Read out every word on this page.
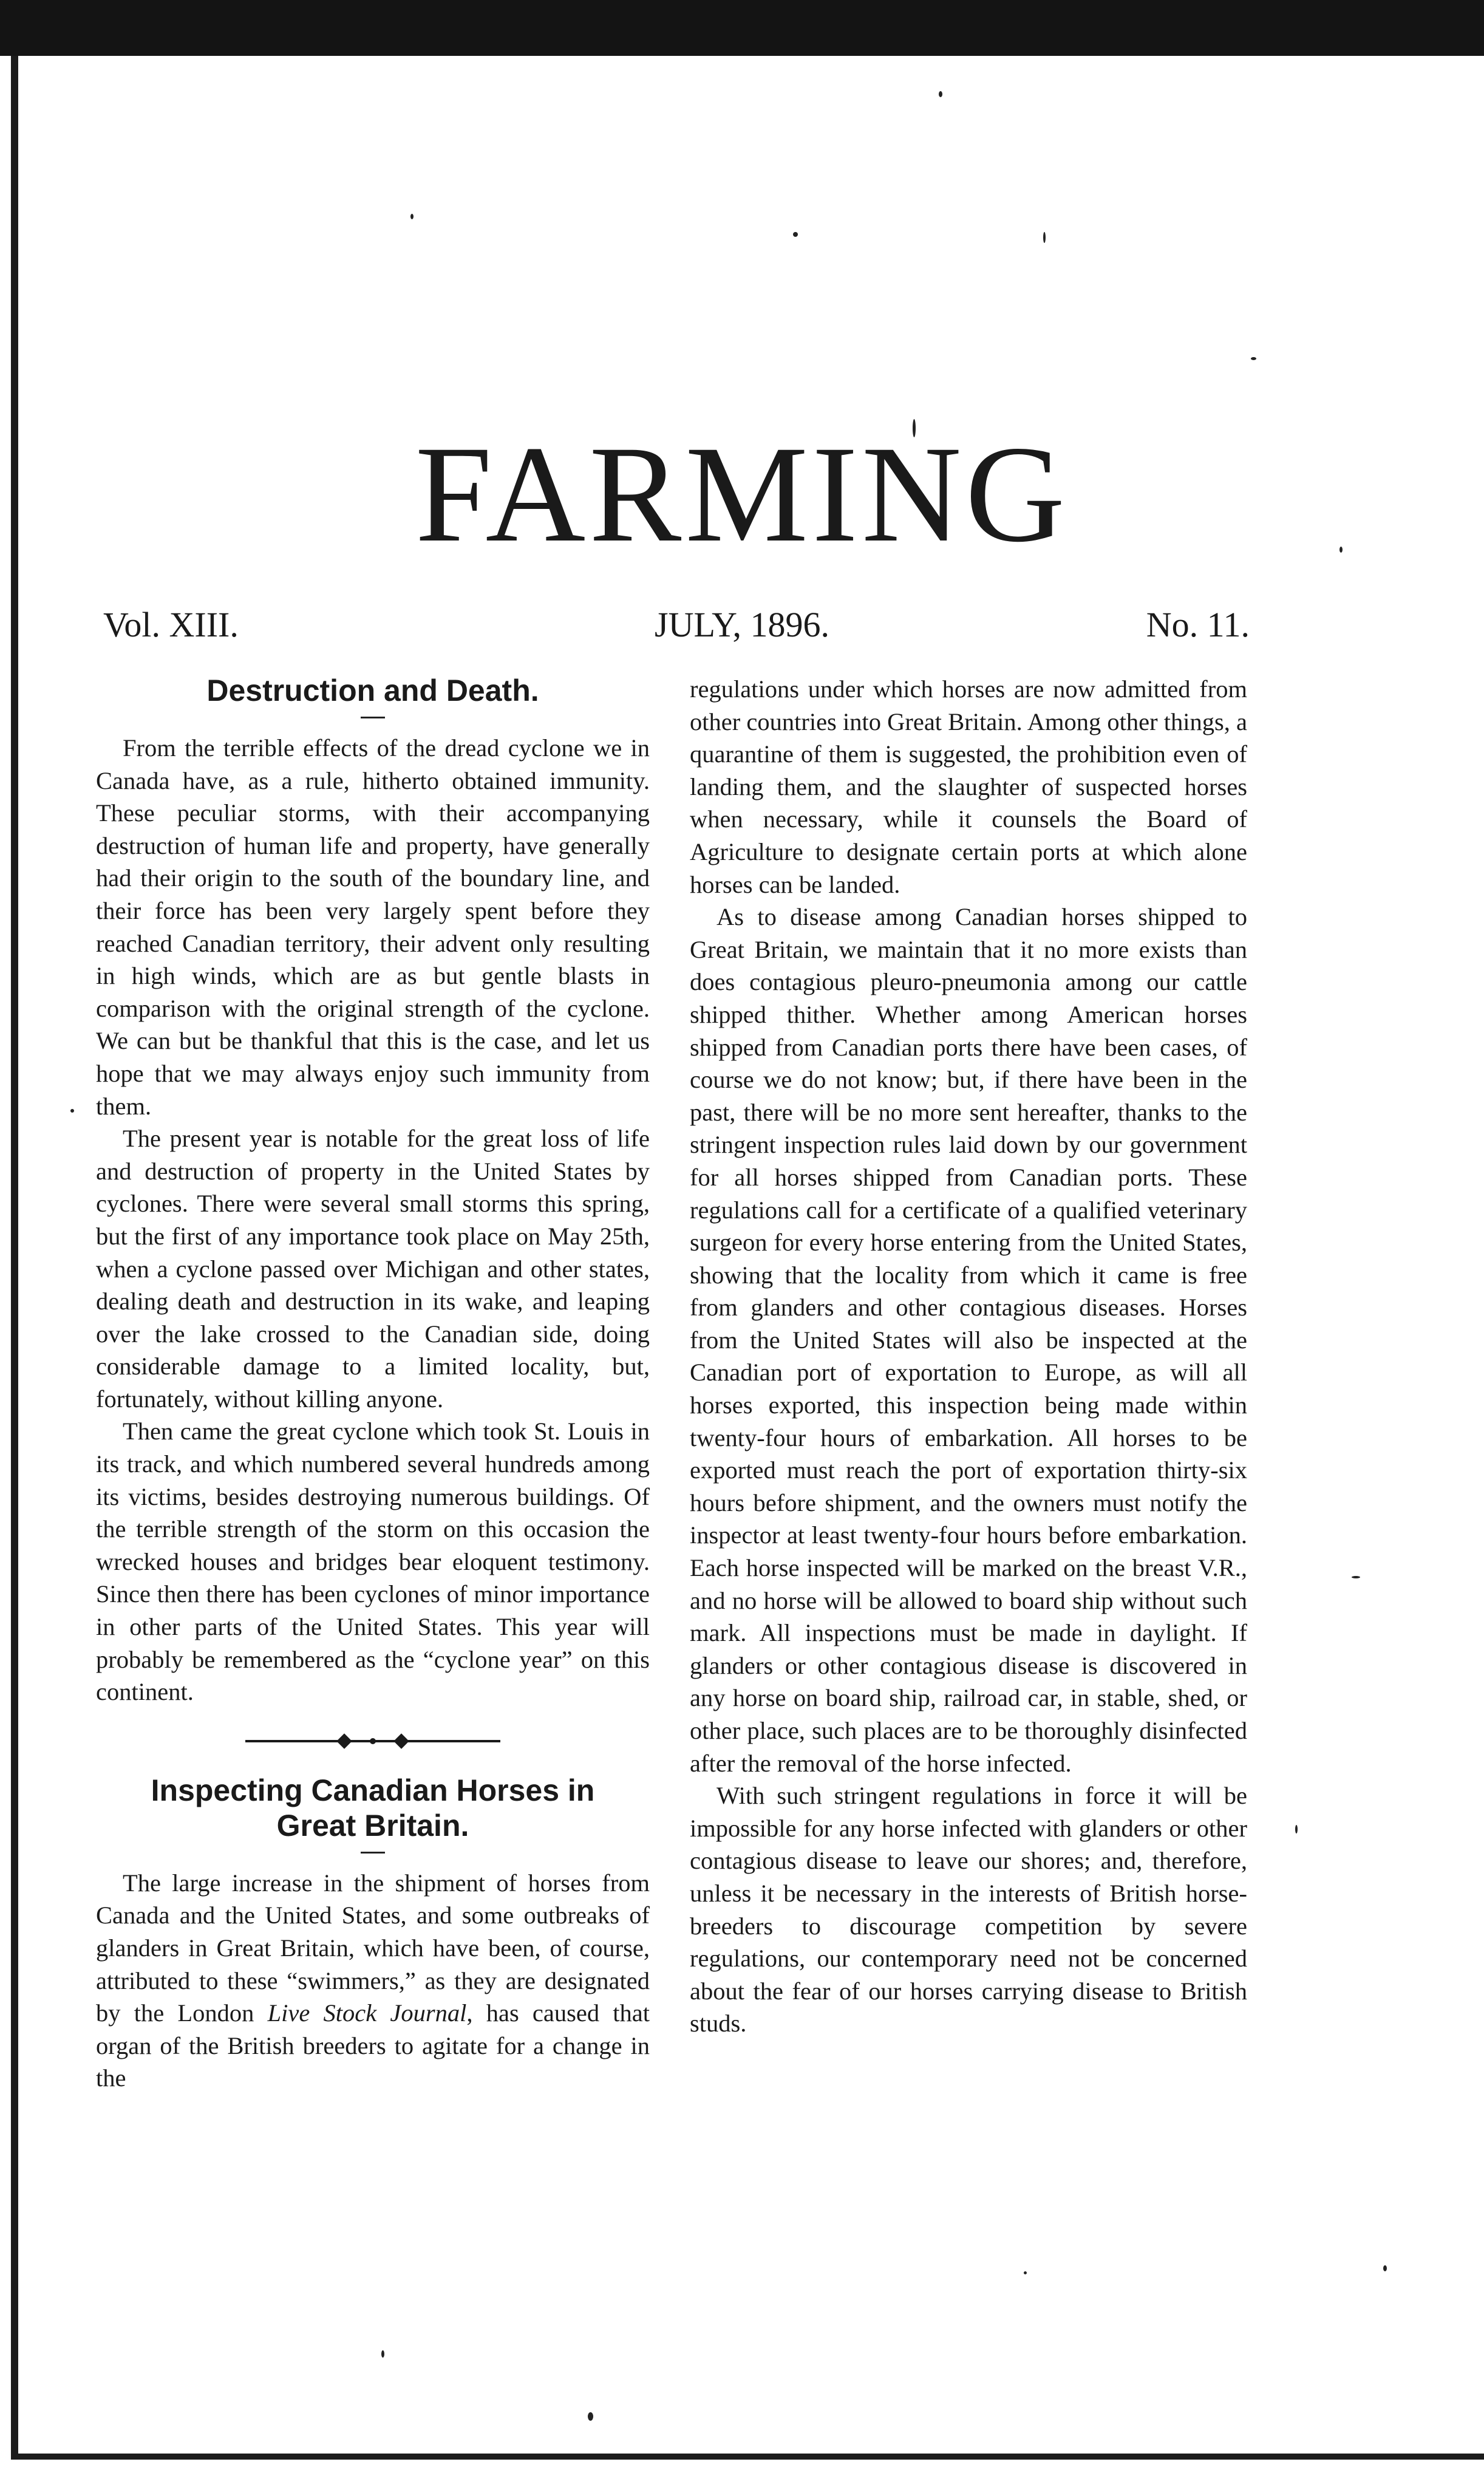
FARMING
Vol. XIII.	JULY, 1896.	No. 11.
Destruction and Death.

From the terrible effects of the dread cyclone we in Canada have, as a rule, hitherto obtained immunity. These peculiar storms, with their accompanying destruction of human life and property, have generally had their origin to the south of the boundary line, and their force has been very largely spent before they reached Canadian territory, their advent only resulting in high winds, which are as but gentle blasts in comparison with the original strength of the cyclone. We can but be thankful that this is the case, and let us hope that we may always enjoy such immunity from them.

The present year is notable for the great loss of life and destruction of property in the United States by cyclones. There were several small storms this spring, but the first of any importance took place on May 25th, when a cyclone passed over Michigan and other states, dealing death and destruction in its wake, and leaping over the lake crossed to the Canadian side, doing considerable damage to a limited locality, but, fortunately, without killing anyone.

Then came the great cyclone which took St. Louis in its track, and which numbered several hundreds among its victims, besides destroying numerous buildings. Of the terrible strength of the storm on this occasion the wrecked houses and bridges bear eloquent testimony. Since then there has been cyclones of minor importance in other parts of the United States. This year will probably be remembered as the “cyclone year” on this continent.

Inspecting Canadian Horses in
Great Britain.

The large increase in the shipment of horses from Canada and the United States, and some outbreaks of glanders in Great Britain, which have been, of course, attributed to these “swimmers,” as they are designated by the London Live Stock Journal, has caused that organ of the British breeders to agitate for a change in the

regulations under which horses are now admitted from other countries into Great Britain. Among other things, a quarantine of them is suggested, the prohibition even of landing them, and the slaughter of suspected horses when necessary, while it counsels the Board of Agriculture to designate certain ports at which alone horses can be landed.

As to disease among Canadian horses shipped to Great Britain, we maintain that it no more exists than does contagious pleuro-pneumonia among our cattle shipped thither. Whether among American horses shipped from Canadian ports there have been cases, of course we do not know; but, if there have been in the past, there will be no more sent hereafter, thanks to the stringent inspection rules laid down by our government for all horses shipped from Canadian ports. These regulations call for a certificate of a qualified veterinary surgeon for every horse entering from the United States, showing that the locality from which it came is free from glanders and other contagious diseases. Horses from the United States will also be inspected at the Canadian port of exportation to Europe, as will all horses exported, this inspection being made within twenty-four hours of embarkation. All horses to be exported must reach the port of exportation thirty-six hours before shipment, and the owners must notify the inspector at least twenty-four hours before embarkation. Each horse inspected will be marked on the breast V.R., and no horse will be allowed to board ship without such mark. All inspections must be made in daylight. If glanders or other contagious disease is discovered in any horse on board ship, railroad car, in stable, shed, or other place, such places are to be thoroughly disinfected after the removal of the horse infected.

With such stringent regulations in force it will be impossible for any horse infected with glanders or other contagious disease to leave our shores; and, therefore, unless it be necessary in the interests of British horse-breeders to discourage competition by severe regulations, our contemporary need not be concerned about the fear of our horses carrying disease to British studs.
